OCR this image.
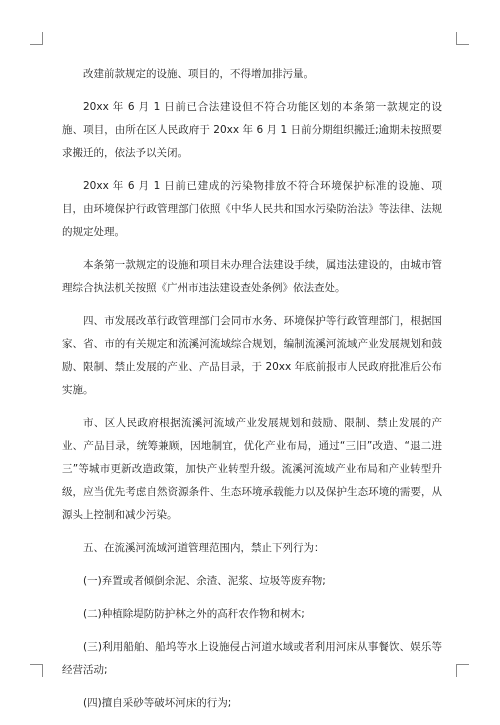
改建前款规定的设施、项目的，不得增加排污量。

20xx 年 6 月 1 日前已合法建设但不符合功能区划的本条第一款规定的设施、项目，由所在区人民政府于 20xx 年 6 月 1 日前分期组织搬迁;逾期未按照要求搬迁的，依法予以关闭。

20xx 年 6 月 1 日前已建成的污染物排放不符合环境保护标准的设施、项目，由环境保护行政管理部门依照《中华人民共和国水污染防治法》等法律、法规的规定处理。

本条第一款规定的设施和项目未办理合法建设手续，属违法建设的，由城市管理综合执法机关按照《广州市违法建设查处条例》依法查处。

四、市发展改革行政管理部门会同市水务、环境保护等行政管理部门，根据国家、省、市的有关规定和流溪河流域综合规划，编制流溪河流域产业发展规划和鼓励、限制、禁止发展的产业、产品目录，于 20xx 年底前报市人民政府批准后公布实施。

市、区人民政府根据流溪河流域产业发展规划和鼓励、限制、禁止发展的产业、产品目录，统筹兼顾，因地制宜，优化产业布局，通过“三旧”改造、“退二进三”等城市更新改造政策，加快产业转型升级。流溪河流域产业布局和产业转型升级，应当优先考虑自然资源条件、生态环境承载能力以及保护生态环境的需要，从源头上控制和减少污染。

五、在流溪河流域河道管理范围内，禁止下列行为：

(一)弃置或者倾倒余泥、余渣、泥浆、垃圾等废弃物;

(二)种植除堤防防护林之外的高秆农作物和树木;

(三)利用船舶、船坞等水上设施侵占河道水域或者利用河床从事餐饮、娱乐等经营活动;

(四)擅自采砂等破坏河床的行为;
